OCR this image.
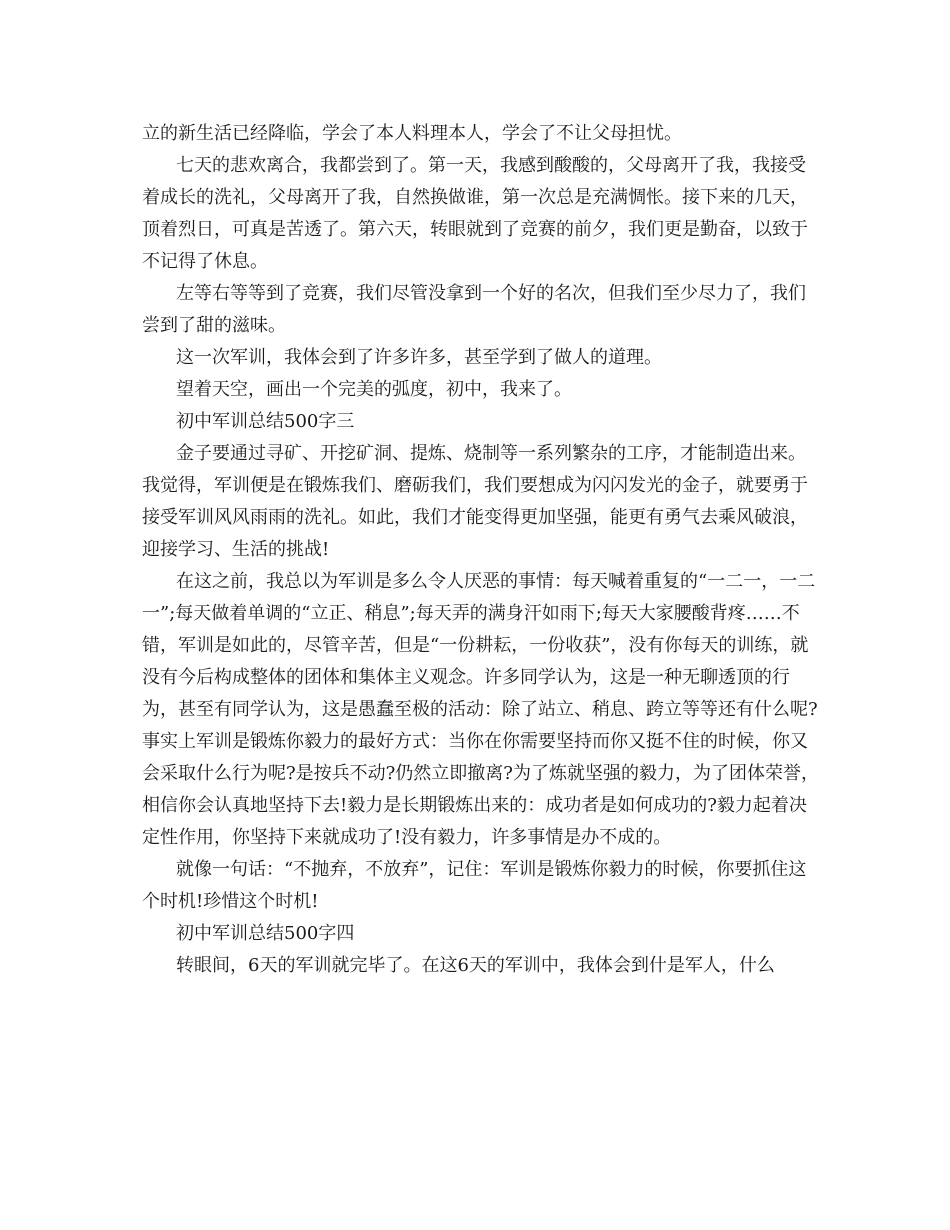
立的新生活已经降临，学会了本人料理本人，学会了不让父母担忧。

七天的悲欢离合，我都尝到了。第一天，我感到酸酸的，父母离开了我，我接受着成长的洗礼，父母离开了我，自然换做谁，第一次总是充满惆怅。接下来的几天，顶着烈日，可真是苦透了。第六天，转眼就到了竞赛的前夕，我们更是勤奋，以致于不记得了休息。

左等右等等到了竞赛，我们尽管没拿到一个好的名次，但我们至少尽力了，我们尝到了甜的滋味。

这一次军训，我体会到了许多许多，甚至学到了做人的道理。

望着天空，画出一个完美的弧度，初中，我来了。

初中军训总结500字三

金子要通过寻矿、开挖矿洞、提炼、烧制等一系列繁杂的工序，才能制造出来。我觉得，军训便是在锻炼我们、磨砺我们，我们要想成为闪闪发光的金子，就要勇于接受军训风风雨雨的洗礼。如此，我们才能变得更加坚强，能更有勇气去乘风破浪，迎接学习、生活的挑战!

在这之前，我总以为军训是多么令人厌恶的事情：每天喊着重复的“一二一，一二一”;每天做着单调的“立正、稍息”;每天弄的满身汗如雨下;每天大家腰酸背疼……不错，军训是如此的，尽管辛苦，但是“一份耕耘，一份收获”，没有你每天的训练，就没有今后构成整体的团体和集体主义观念。许多同学认为，这是一种无聊透顶的行为，甚至有同学认为，这是愚蠢至极的活动：除了站立、稍息、跨立等等还有什么呢?事实上军训是锻炼你毅力的最好方式：当你在你需要坚持而你又挺不住的时候，你又会采取什么行为呢?是按兵不动?仍然立即撤离?为了炼就坚强的毅力，为了团体荣誉，相信你会认真地坚持下去!毅力是长期锻炼出来的：成功者是如何成功的?毅力起着决定性作用，你坚持下来就成功了!没有毅力，许多事情是办不成的。

就像一句话：“不抛弃，不放弃”，记住：军训是锻炼你毅力的时候，你要抓住这个时机!珍惜这个时机!

初中军训总结500字四

转眼间，6天的军训就完毕了。在这6天的军训中，我体会到什是军人，什么
